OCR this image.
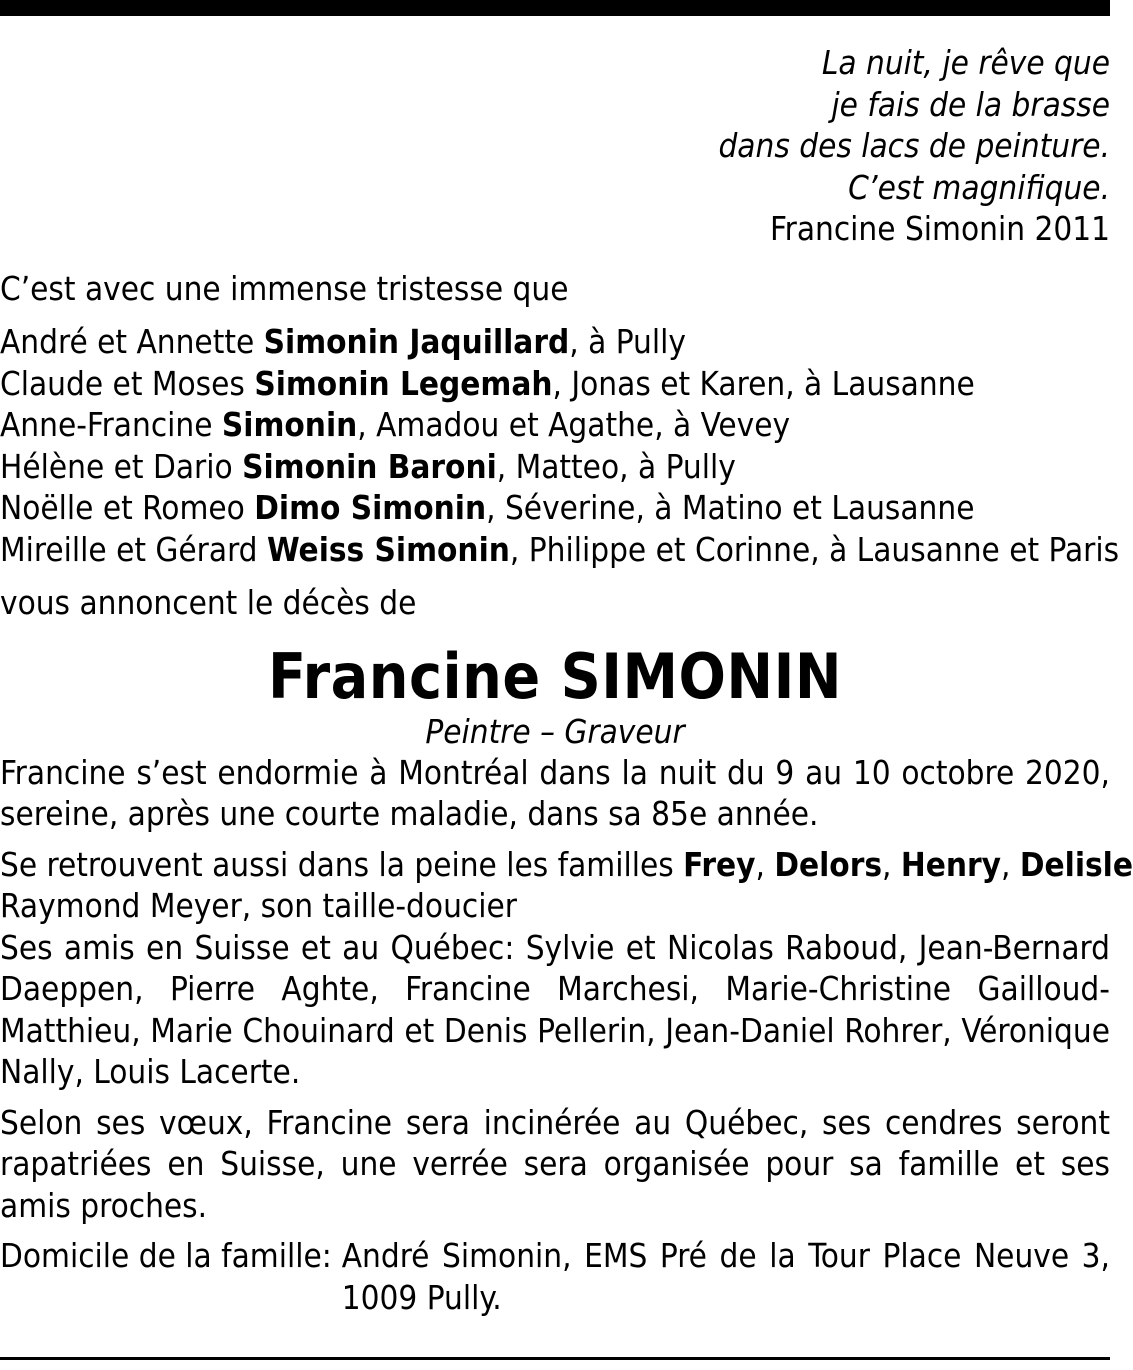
La nuit, je rêve que
je fais de la brasse
dans des lacs de peinture.
C’est magnifique.
Francine Simonin 2011

C’est avec une immense tristesse que

André et Annette Simonin Jaquillard, à Pully
Claude et Moses Simonin Legemah, Jonas et Karen, à Lausanne
Anne-Francine Simonin, Amadou et Agathe, à Vevey
Hélène et Dario Simonin Baroni, Matteo, à Pully
Noëlle et Romeo Dimo Simonin, Séverine, à Matino et Lausanne
Mireille et Gérard Weiss Simonin, Philippe et Corinne, à Lausanne et Paris

vous annoncent le décès de

Francine SIMONIN
Peintre – Graveur

Francine s’est endormie à Montréal dans la nuit du 9 au 10 octobre 2020, sereine, après une courte maladie, dans sa 85e année.

Se retrouvent aussi dans la peine les familles Frey, Delors, Henry, Delisle
Raymond Meyer, son taille-doucier
Ses amis en Suisse et au Québec: Sylvie et Nicolas Raboud, Jean-Bernard Daeppen, Pierre Aghte, Francine Marchesi, Marie-Christine Gailloud-Matthieu, Marie Chouinard et Denis Pellerin, Jean-Daniel Rohrer, Véronique Nally, Louis Lacerte.

Selon ses vœux, Francine sera incinérée au Québec, ses cendres seront rapatriées en Suisse, une verrée sera organisée pour sa famille et ses amis proches.

Domicile de la famille: André Simonin, EMS Pré de la Tour Place Neuve 3, 1009 Pully.
